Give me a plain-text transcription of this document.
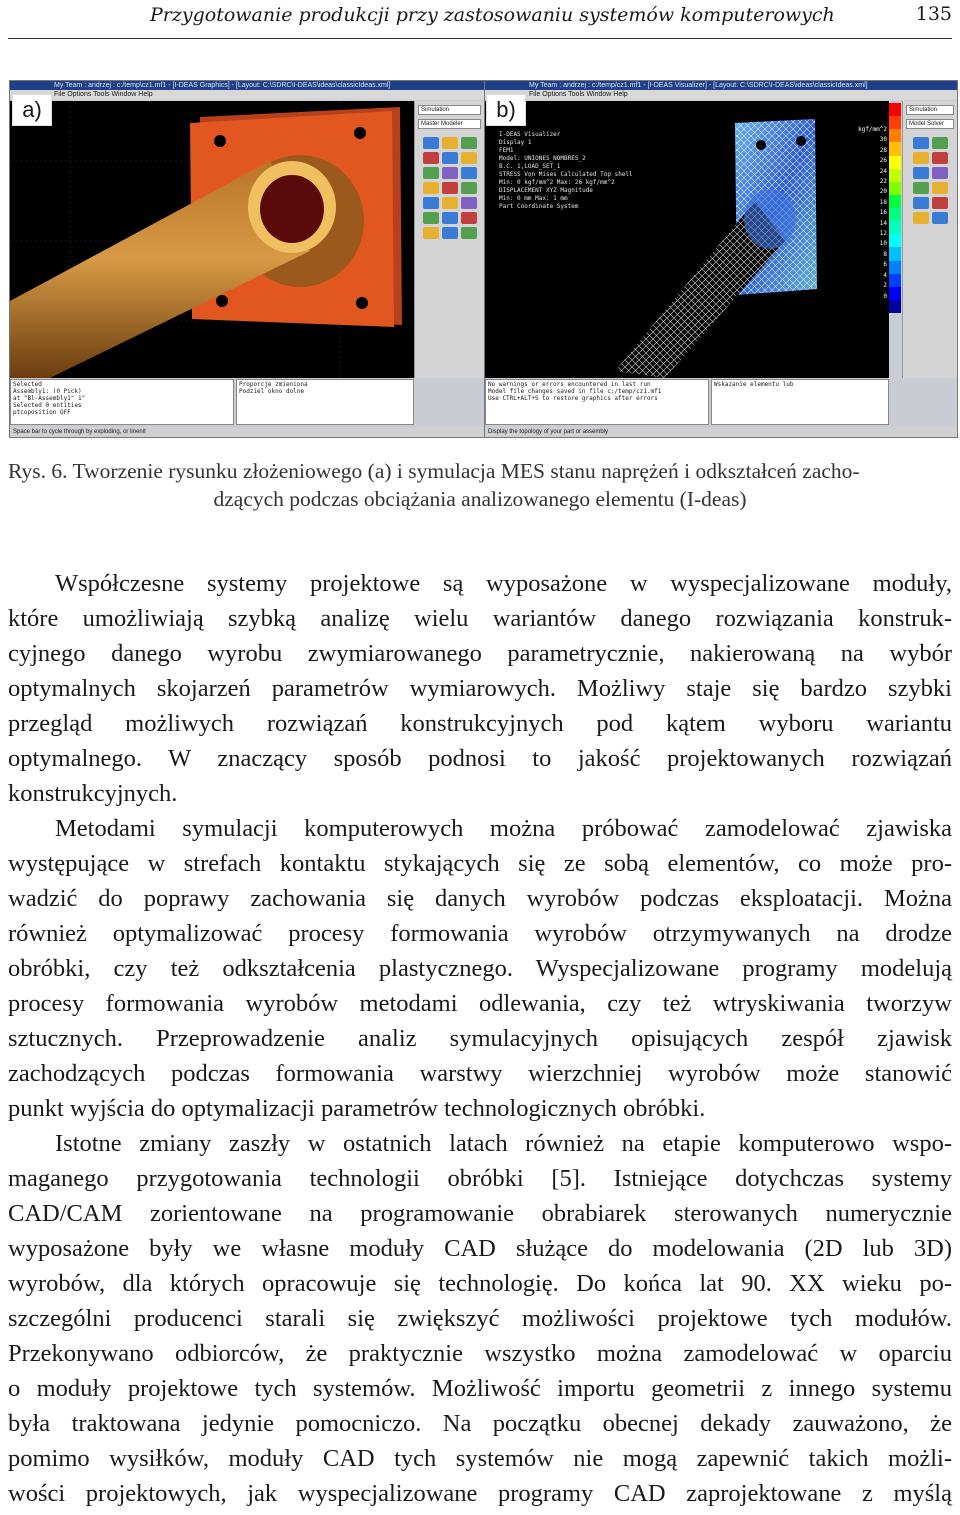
Przygotowanie produkcji przy zastosowaniu systemów komputerowych	135
a)
My Team : andrzej : c:/temp\cz1.mf1 - [I-DEAS Graphics] - [Layout: C:\SDRC\I-DEAS\ideas\classicIdeas.xml]
File Options Tools Window Help
Simulation
Master Modeler
Selected
Assembly1: (0 Pick)
at "Bl-Assembly1" 1"
Selected 0 entities
ptcoposition OFF
Proporcje zmieniona
Podziel okno dolne
Space bar to cycle through by exploding, or linenit
b)
My Team : andrzej : c:/temp/cz1.mf1 - [I-DEAS Visualizer] - [Layout: C:\SDRC\I-DEAS\ideas\classicIdeas.xml]
File Options Tools Window Help
I-DEAS Visualizer
Display 1
FEM1
Model: UNIONES_NOMBRES_2
B.C. 1,LOAD_SET_1
STRESS Von Mises Calculated Top shell
Min: 0 kgf/mm^2 Max: 26 kgf/mm^2
DISPLACEMENT XYZ Magnitude
Min: 0 mm Max: 1 mm
Part Coordinate System
kgf/mm^2
30
28
26
24
22
20
18
16
14
12
10
8
6
4
2
0
Simulation
Model Solver
No warnings or errors encountered in last run
Model file changes saved in file c:/temp/cz1.mf1
Use CTRL+ALT+S to restore graphics after errors
Wskazanie elementu lub
Display the topology of your part or assembly
Rys. 6. Tworzenie rysunku złożeniowego (a) i symulacja MES stanu naprężeń i odkształceń zacho-
dzących podczas obciążania analizowanego elementu (I-deas)
Współczesne systemy projektowe są wyposażone w wyspecjalizowane moduły,
które umożliwiają szybką analizę wielu wariantów danego rozwiązania konstruk-
cyjnego danego wyrobu zwymiarowanego parametrycznie, nakierowaną na wybór
optymalnych skojarzeń parametrów wymiarowych. Możliwy staje się bardzo szybki
przegląd możliwych rozwiązań konstrukcyjnych pod kątem wyboru wariantu
optymalnego. W znaczący sposób podnosi to jakość projektowanych rozwiązań
konstrukcyjnych.
Metodami symulacji komputerowych można próbować zamodelować zjawiska
występujące w strefach kontaktu stykających się ze sobą elementów, co może pro-
wadzić do poprawy zachowania się danych wyrobów podczas eksploatacji. Można
również optymalizować procesy formowania wyrobów otrzymywanych na drodze
obróbki, czy też odkształcenia plastycznego. Wyspecjalizowane programy modelują
procesy formowania wyrobów metodami odlewania, czy też wtryskiwania tworzyw
sztucznych. Przeprowadzenie analiz symulacyjnych opisujących zespół zjawisk
zachodzących podczas formowania warstwy wierzchniej wyrobów może stanowić
punkt wyjścia do optymalizacji parametrów technologicznych obróbki.
Istotne zmiany zaszły w ostatnich latach również na etapie komputerowo wspo-
maganego przygotowania technologii obróbki [5]. Istniejące dotychczas systemy
CAD/CAM zorientowane na programowanie obrabiarek sterowanych numerycznie
wyposażone były we własne moduły CAD służące do modelowania (2D lub 3D)
wyrobów, dla których opracowuje się technologię. Do końca lat 90. XX wieku po-
szczególni producenci starali się zwiększyć możliwości projektowe tych modułów.
Przekonywano odbiorców, że praktycznie wszystko można zamodelować w oparciu
o moduły projektowe tych systemów. Możliwość importu geometrii z innego systemu
była traktowana jedynie pomocniczo. Na początku obecnej dekady zauważono, że
pomimo wysiłków, moduły CAD tych systemów nie mogą zapewnić takich możli-
wości projektowych, jak wyspecjalizowane programy CAD zaprojektowane z myślą
